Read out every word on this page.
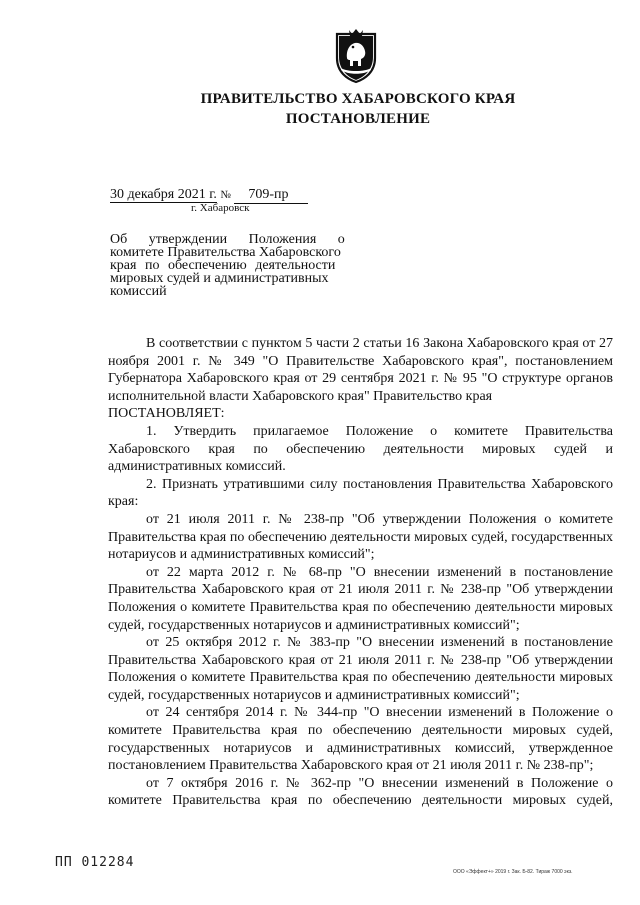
ПРАВИТЕЛЬСТВО ХАБАРОВСКОГО КРАЯ
ПОСТАНОВЛЕНИЕ
30 декабря 2021 г. № 709-пр
г. Хабаровск
Об утверждении Положения о
комитете Правительства Хабаровского
края по обеспечению деятельности
мировых судей и административных
комиссий

В соответствии с пунктом 5 части 2 статьи 16 Закона Хабаровского края от 27 ноября 2001 г. № 349 "О Правительстве Хабаровского края", постановлением Губернатора Хабаровского края от 29 сентября 2021 г. № 95 "О структуре органов исполнительной власти Хабаровского края" Правительство края

ПОСТАНОВЛЯЕТ:

1. Утвердить прилагаемое Положение о комитете Правительства Хабаровского края по обеспечению деятельности мировых судей и административных комиссий.

2. Признать утратившими силу постановления Правительства Хабаровского края:

от 21 июля 2011 г. № 238-пр "Об утверждении Положения о комитете Правительства края по обеспечению деятельности мировых судей, государственных нотариусов и административных комиссий";

от 22 марта 2012 г. № 68-пр "О внесении изменений в постановление Правительства Хабаровского края от 21 июля 2011 г. № 238-пр "Об утверждении Положения о комитете Правительства края по обеспечению деятельности мировых судей, государственных нотариусов и административных комиссий";

от 25 октября 2012 г. № 383-пр "О внесении изменений в постановление Правительства Хабаровского края от 21 июля 2011 г. № 238-пр "Об утверждении Положения о комитете Правительства края по обеспечению деятельности мировых судей, государственных нотариусов и административных комиссий";

от 24 сентября 2014 г. № 344-пр "О внесении изменений в Положение о комитете Правительства края по обеспечению деятельности мировых судей, государственных нотариусов и административных комиссий, утвержденное постановлением Правительства Хабаровского края от 21 июля 2011 г. № 238-пр";

от 7 октября 2016 г. № 362-пр "О внесении изменений в Положение о комитете Правительства края по обеспечению деятельности мировых судей,

ПП 012284
ООО «Эффект+» 2019 г. Зак. Б-82. Тираж 7000 экз.
